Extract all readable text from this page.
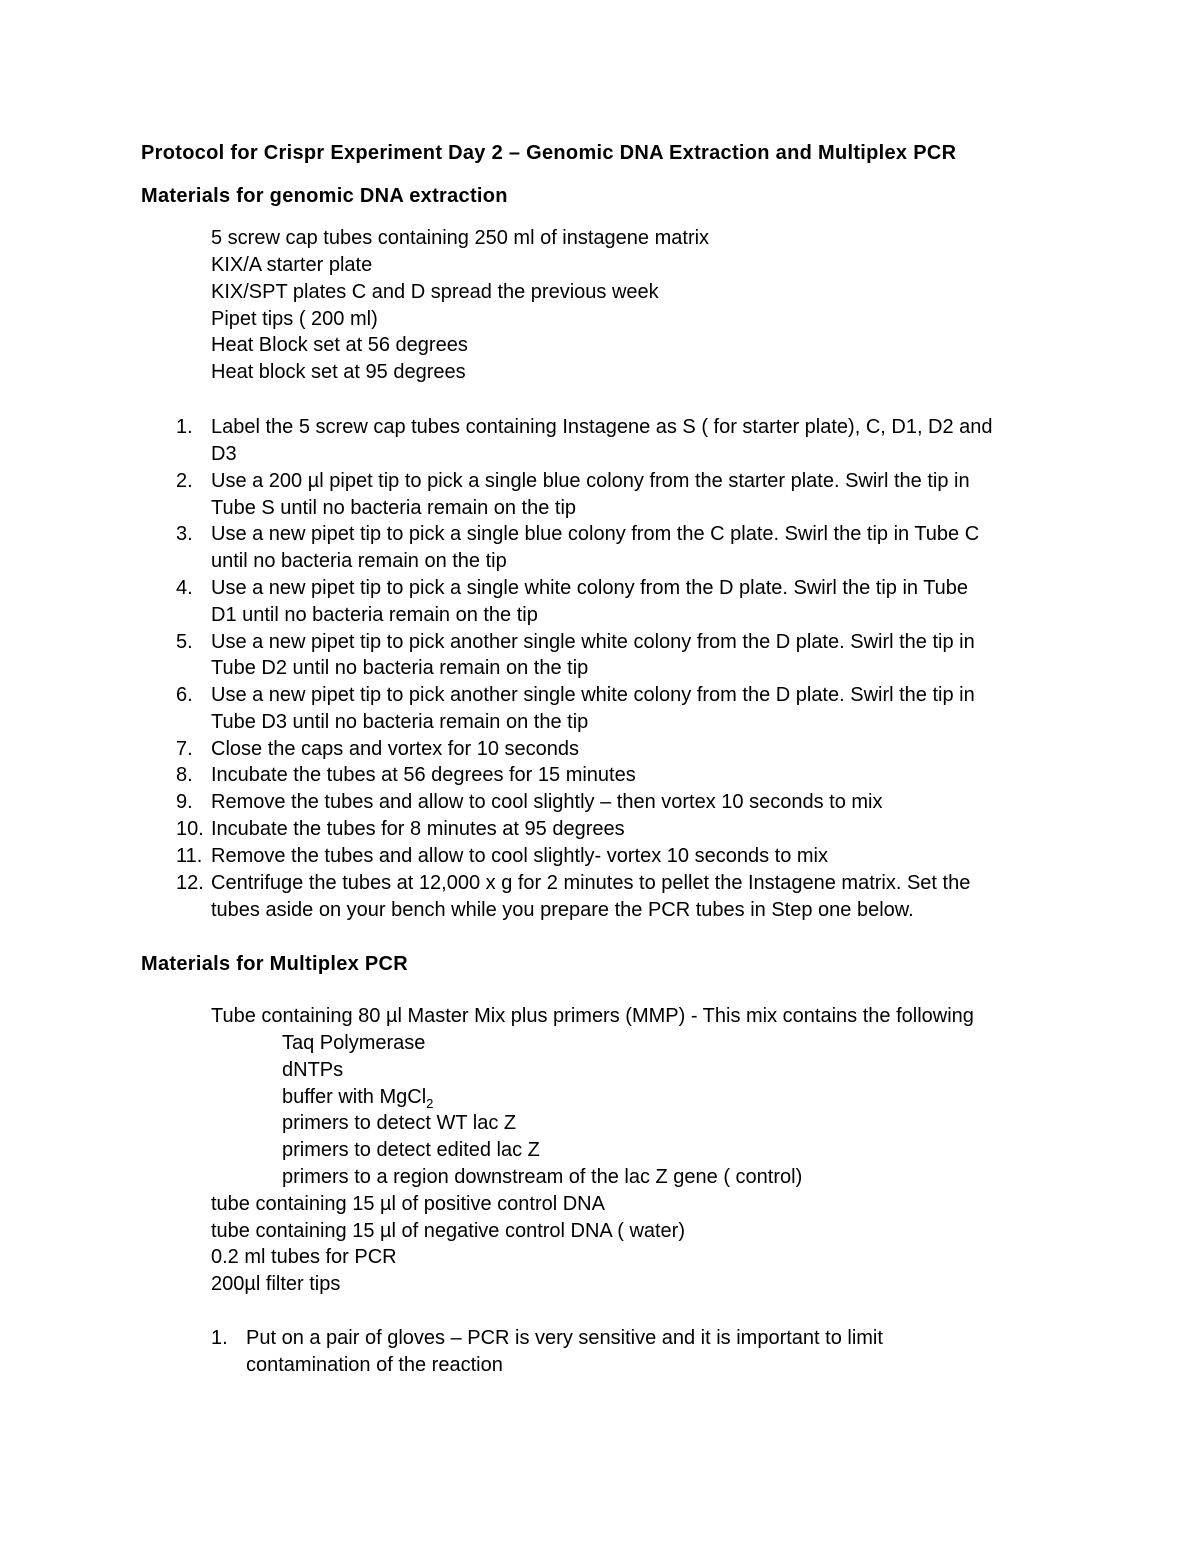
Protocol for Crispr Experiment Day 2 – Genomic DNA Extraction and Multiplex PCR
Materials for genomic DNA extraction
5 screw cap tubes containing 250 ml of instagene matrix
KIX/A starter plate
KIX/SPT plates C and D spread the previous week
Pipet tips ( 200 ml)
Heat Block set at 56 degrees
Heat block set at 95 degrees
1. Label the 5 screw cap tubes containing Instagene as S ( for starter plate), C, D1, D2 and
D3
2. Use a 200 µl pipet tip to pick a single blue colony from the starter plate. Swirl the tip in
Tube S until no bacteria remain on the tip
3. Use a new pipet tip to pick a single blue colony from the C plate. Swirl the tip in Tube C
until no bacteria remain on the tip
4. Use a new pipet tip to pick a single white colony from the D plate. Swirl the tip in Tube
D1 until no bacteria remain on the tip
5. Use a new pipet tip to pick another single white colony from the D plate. Swirl the tip in
Tube D2 until no bacteria remain on the tip
6. Use a new pipet tip to pick another single white colony from the D plate. Swirl the tip in
Tube D3 until no bacteria remain on the tip
7. Close the caps and vortex for 10 seconds
8. Incubate the tubes at 56 degrees for 15 minutes
9. Remove the tubes and allow to cool slightly – then vortex 10 seconds to mix
10. Incubate the tubes for 8 minutes at 95 degrees
11. Remove the tubes and allow to cool slightly- vortex 10 seconds to mix
12. Centrifuge the tubes at 12,000 x g for 2 minutes to pellet the Instagene matrix. Set the
tubes aside on your bench while you prepare the PCR tubes in Step one below.
Materials for Multiplex PCR
Tube containing 80 µl Master Mix plus primers (MMP) - This mix contains the following
Taq Polymerase
dNTPs
buffer with MgCl$_2$
primers to detect WT lac Z
primers to detect edited lac Z
primers to a region downstream of the lac Z gene ( control)
tube containing 15 µl of positive control DNA
tube containing 15 µl of negative control DNA ( water)
0.2 ml tubes for PCR
200µl filter tips
1. Put on a pair of gloves – PCR is very sensitive and it is important to limit
contamination of the reaction
